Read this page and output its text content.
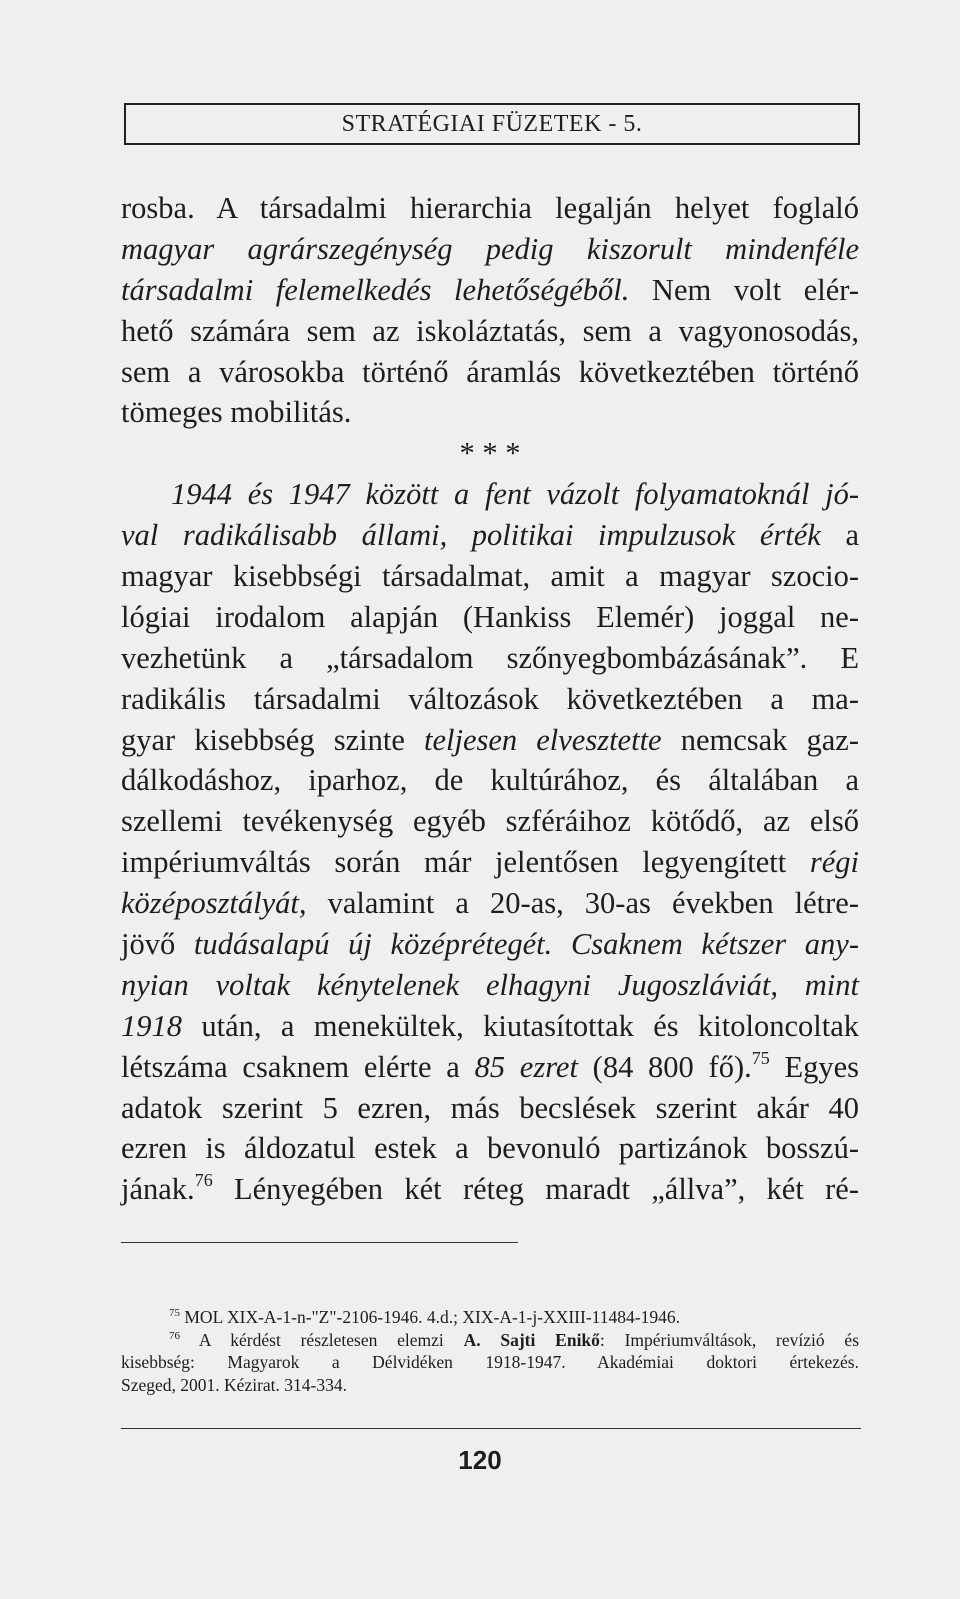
STRATÉGIAI FÜZETEK - 5.
rosba. A társadalmi hierarchia legalján helyet foglaló
magyar agrárszegénység pedig kiszorult mindenféle
társadalmi felemelkedés lehetőségéből. Nem volt elér-
hető számára sem az iskoláztatás, sem a vagyonosodás,
sem a városokba történő áramlás következtében történő
tömeges mobilitás.
* * *
1944 és 1947 között a fent vázolt folyamatoknál jó-
val radikálisabb állami, politikai impulzusok érték a
magyar kisebbségi társadalmat, amit a magyar szocio-
lógiai irodalom alapján (Hankiss Elemér) joggal ne-
vezhetünk a „társadalom szőnyegbombázásának”. E
radikális társadalmi változások következtében a ma-
gyar kisebbség szinte teljesen elvesztette nemcsak gaz-
dálkodáshoz, iparhoz, de kultúrához, és általában a
szellemi tevékenység egyéb szféráihoz kötődő, az első
impériumváltás során már jelentősen legyengített régi
középosztályát, valamint a 20-as, 30-as években létre-
jövő tudásalapú új középrétegét. Csaknem kétszer any-
nyian voltak kénytelenek elhagyni Jugoszláviát, mint
1918 után, a menekültek, kiutasítottak és kitoloncoltak
létszáma csaknem elérte a 85 ezret (84 800 fő).$^{75}$ Egyes
adatok szerint 5 ezren, más becslések szerint akár 40
ezren is áldozatul estek a bevonuló partizánok bosszú-
jának.$^{76}$ Lényegében két réteg maradt „állva”, két ré-
$^{75}$ MOL XIX-A-1-n-"Z"-2106-1946. 4.d.; XIX-A-1-j-XXIII-11484-1946.
$^{76}$ A kérdést részletesen elemzi A. Sajti Enikő: Impériumváltások, revízió és
kisebbség: Magyarok a Délvidéken 1918-1947. Akadémiai doktori értekezés.
Szeged, 2001. Kézirat. 314-334.
120
